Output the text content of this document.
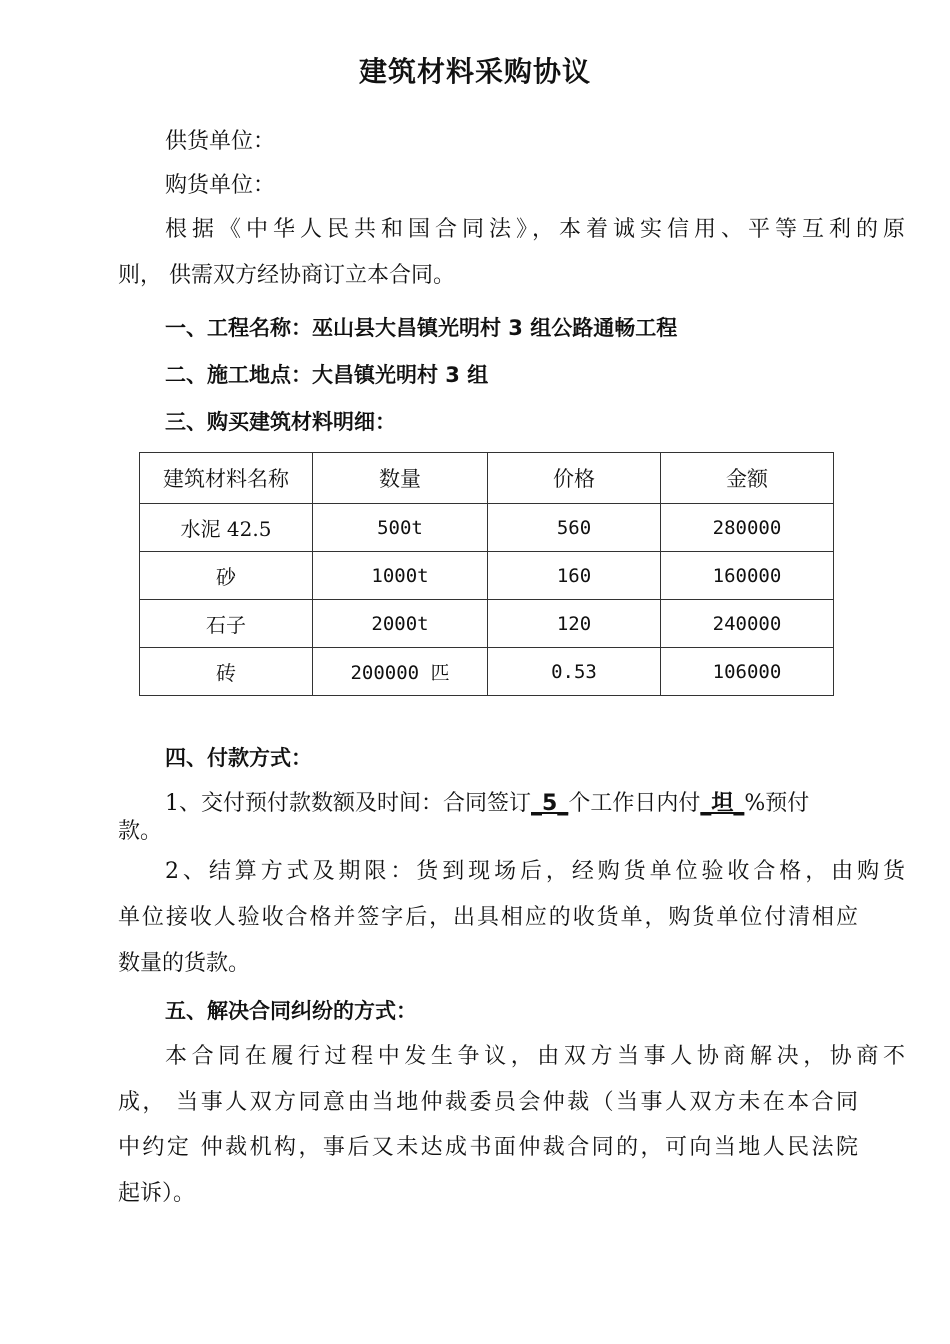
建筑材料采购协议
供货单位：
购货单位：
根据《中华人民共和国合同法》，本着诚实信用、平等互利的原
则， 供需双方经协商订立本合同。
一、工程名称：巫山县大昌镇光明村 3 组公路通畅工程
二、施工地点：大昌镇光明村 3 组
三、购买建筑材料明细：
建筑材料名称	数量	价格	金额
水泥 42.5	500t	560	280000
砂	1000t	160	160000
石子	2000t	120	240000
砖	200000 匹	0.53	106000
四、付款方式：
1、交付预付款数额及时间：合同签订_5_个工作日内付_坦_%预付
款。
2、结算方式及期限：货到现场后，经购货单位验收合格，由购货
单位接收人验收合格并签字后，出具相应的收货单，购货单位付清相应
数量的货款。
五、解决合同纠纷的方式：
本合同在履行过程中发生争议，由双方当事人协商解决，协商不
成， 当事人双方同意由当地仲裁委员会仲裁（当事人双方未在本合同
中约定 仲裁机构，事后又未达成书面仲裁合同的，可向当地人民法院
起诉）。
